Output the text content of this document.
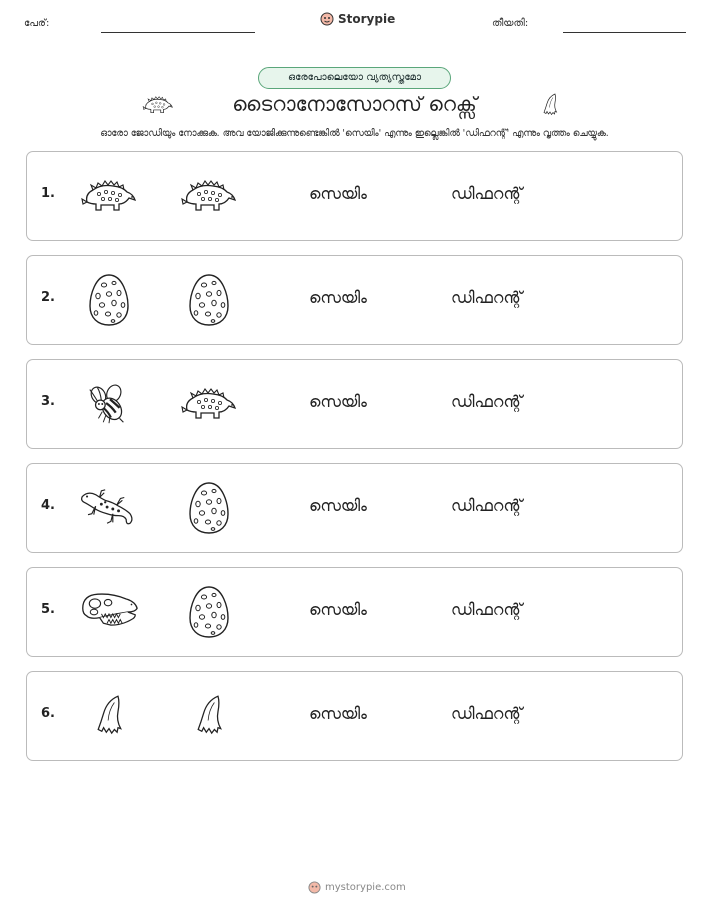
പേര്:	Storypie	തീയതി:
ഒരേപോലെയോ വ്യത്യസ്തമോ
ടൈറാനോസോറസ് റെക്സ്
ഓരോ ജോഡിയും നോക്കുക. അവ യോജിക്കുന്നുണ്ടെങ്കിൽ 'സെയിം' എന്നും ഇല്ലെങ്കിൽ 'ഡിഫറന്റ്' എന്നും വൃത്തം ചെയ്യുക.
1.	സെയിം	ഡിഫറന്റ്
2.	സെയിം	ഡിഫറന്റ്
3.	സെയിം	ഡിഫറന്റ്
4.	സെയിം	ഡിഫറന്റ്
5.	സെയിം	ഡിഫറന്റ്
6.	സെയിം	ഡിഫറന്റ്
mystorypie.com
